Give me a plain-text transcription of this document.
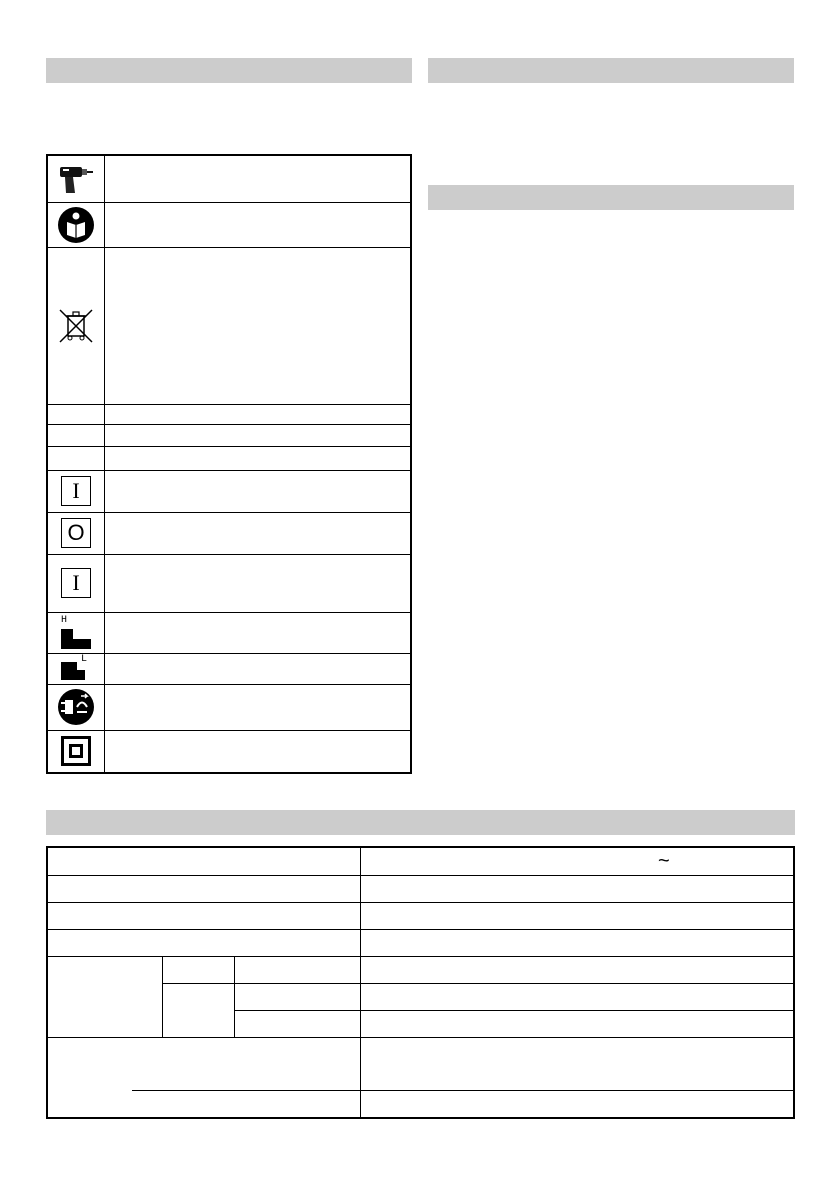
I
O
I
H
L
~
